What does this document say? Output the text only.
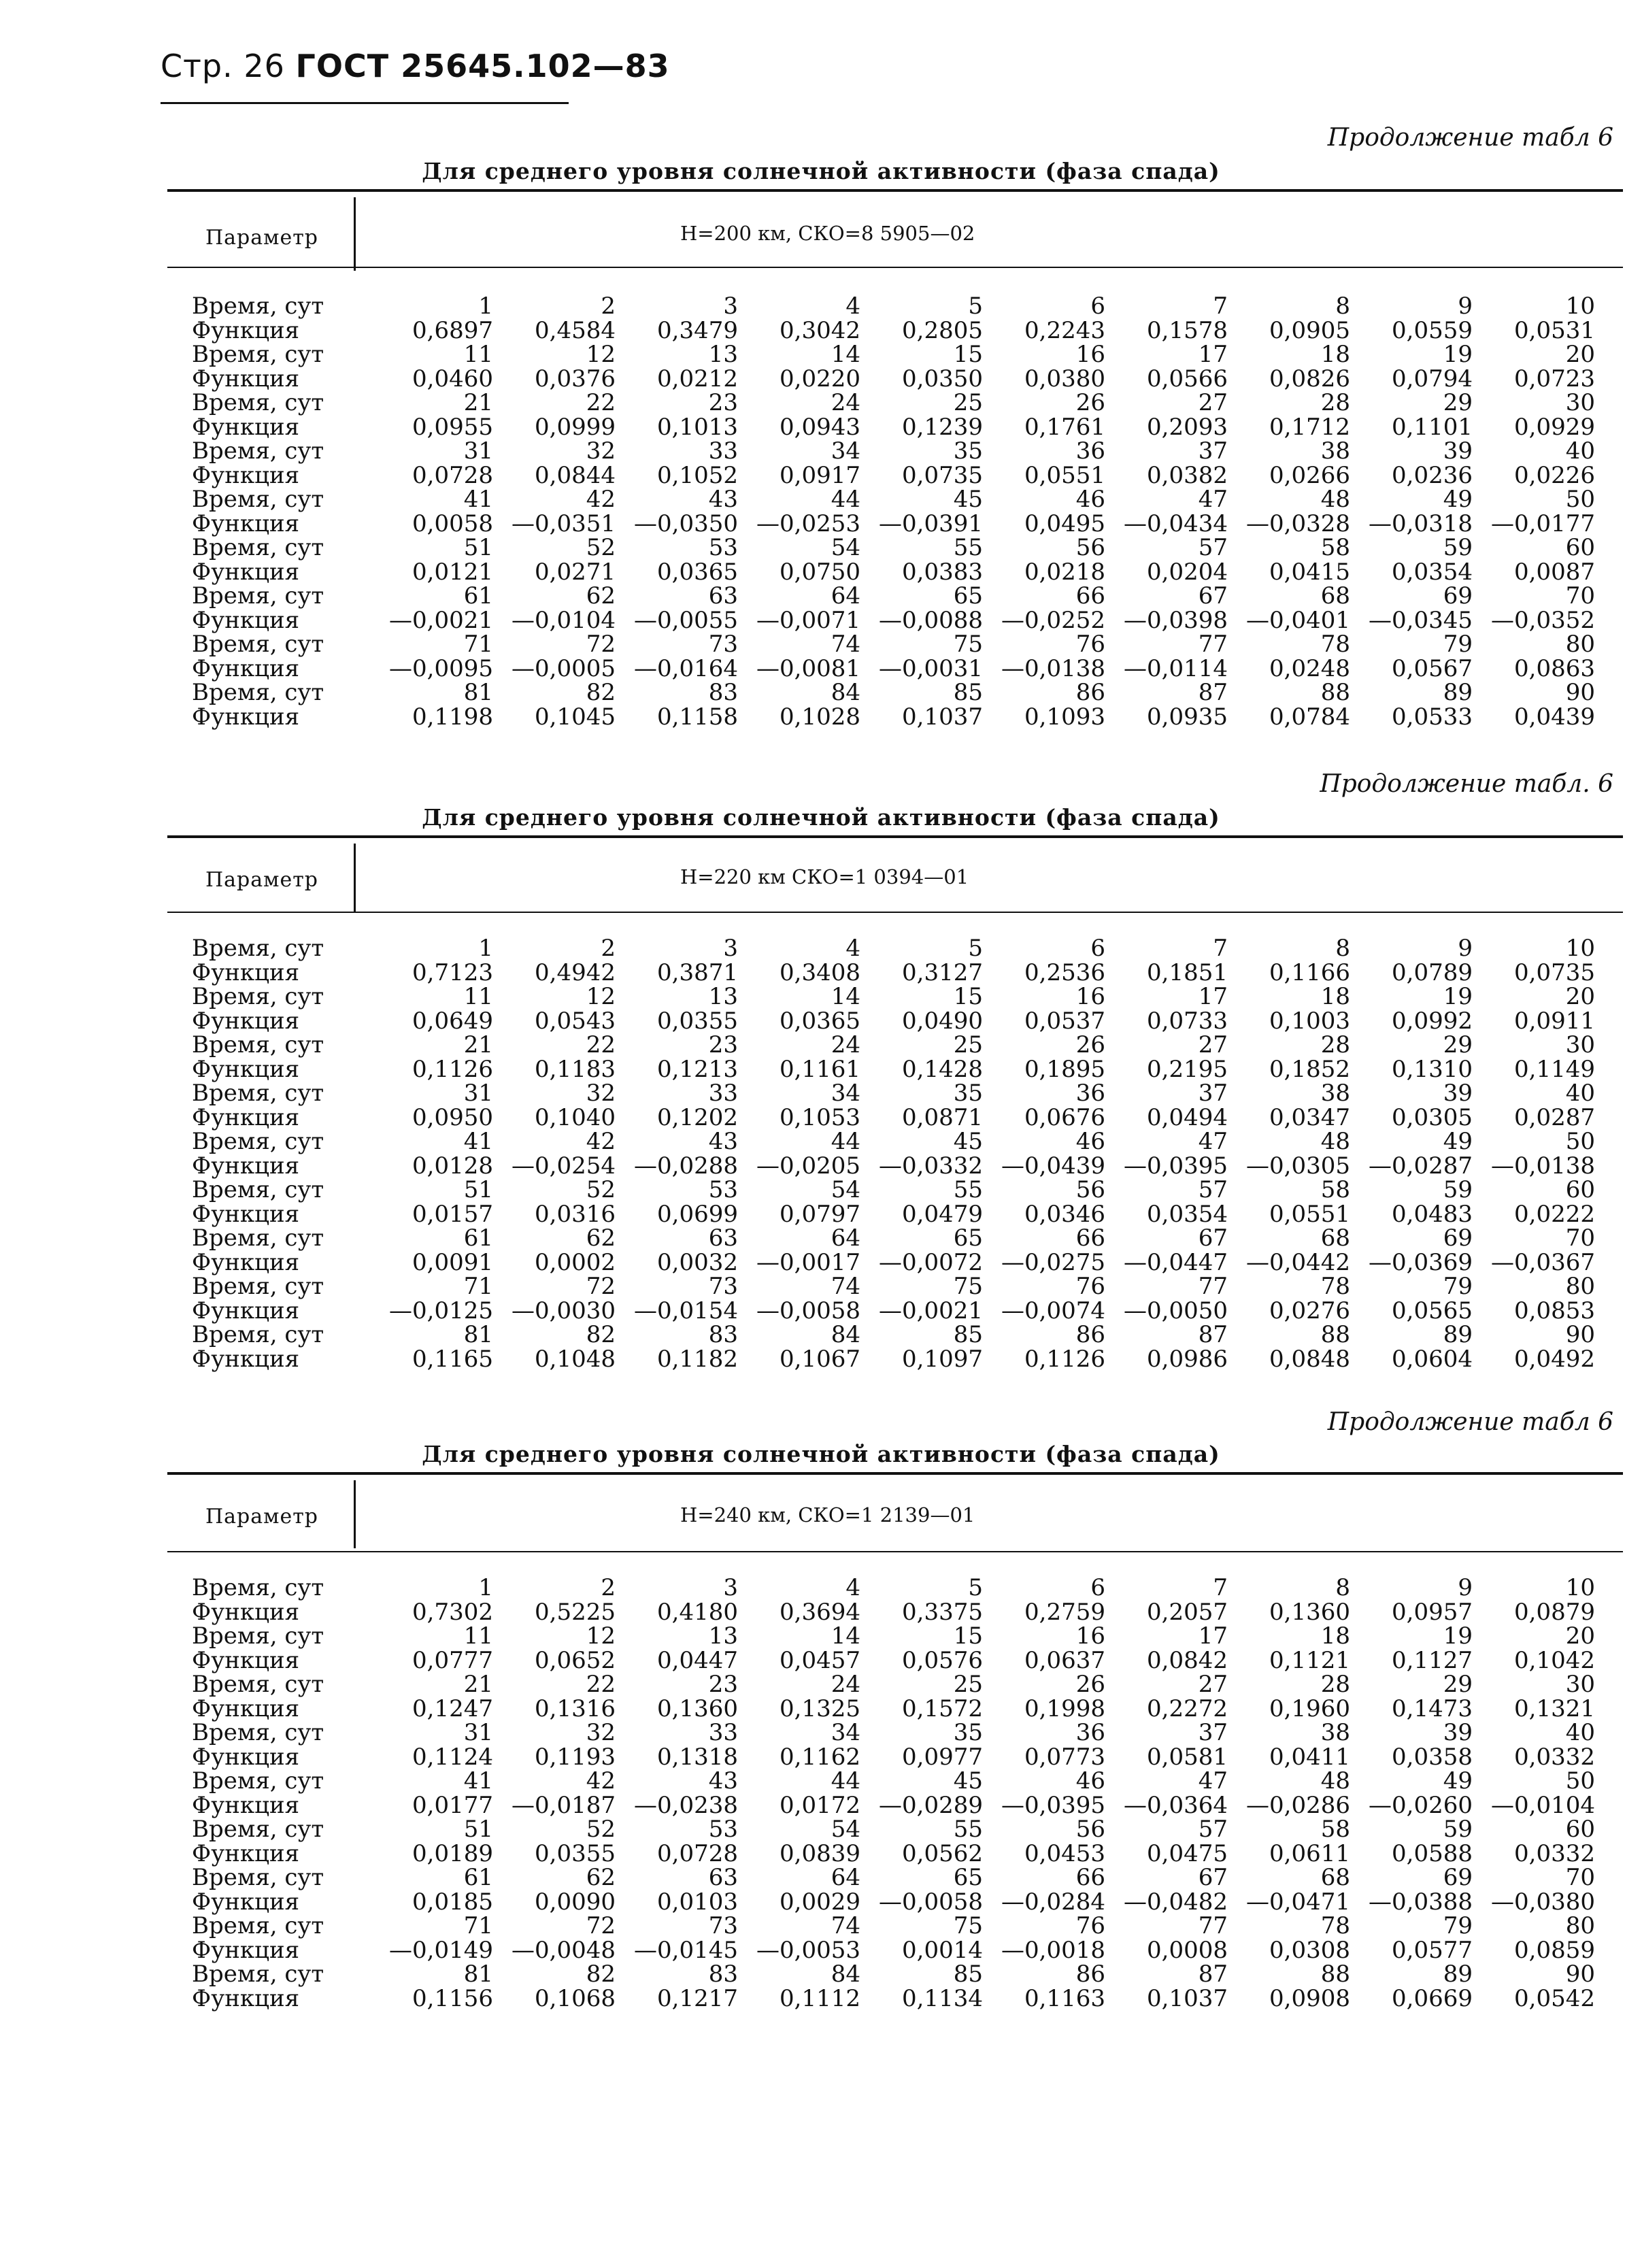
Стр. 26 ГОСТ 25645.102—83
Продолжение табл 6
Для среднего уровня солнечной активности (фаза спада)
Параметр	H=200 км, СКО=8 5905—02
Время, сут	1	2	3	4	5	6	7	8	9	10
Функция	0,6897	0,4584	0,3479	0,3042	0,2805	0,2243	0,1578	0,0905	0,0559	0,0531
Время, сут	11	12	13	14	15	16	17	18	19	20
Функция	0,0460	0,0376	0,0212	0,0220	0,0350	0,0380	0,0566	0,0826	0,0794	0,0723
Время, сут	21	22	23	24	25	26	27	28	29	30
Функция	0,0955	0,0999	0,1013	0,0943	0,1239	0,1761	0,2093	0,1712	0,1101	0,0929
Время, сут	31	32	33	34	35	36	37	38	39	40
Функция	0,0728	0,0844	0,1052	0,0917	0,0735	0,0551	0,0382	0,0266	0,0236	0,0226
Время, сут	41	42	43	44	45	46	47	48	49	50
Функция	0,0058 —0,0351 —0,0350 —0,0253 —0,0391	0,0495 —0,0434 —0,0328 —0,0318 —0,0177
Время, сут	51	52	53	54	55	56	57	58	59	60
Функция	0,0121	0,0271	0,0365	0,0750	0,0383	0,0218	0,0204	0,0415	0,0354	0,0087
Время, сут	61	62	63	64	65	66	67	68	69	70
Функция	—0,0021 —0,0104 —0,0055 —0,0071 —0,0088 —0,0252 —0,0398 —0,0401 —0,0345 —0,0352
Время, сут	71	72	73	74	75	76	77	78	79	80
Функция	—0,0095 —0,0005 —0,0164 —0,0081 —0,0031 —0,0138 —0,0114	0,0248	0,0567	0,0863
Время, сут	81	82	83	84	85	86	87	88	89	90
Функция	0,1198	0,1045	0,1158	0,1028	0,1037	0,1093	0,0935	0,0784	0,0533	0,0439
Продолжение табл. 6
Для среднего уровня солнечной активности (фаза спада)
Параметр	H=220 км СКО=1 0394—01
Время, сут	1	2	3	4	5	6	7	8	9	10
Функция	0,7123	0,4942	0,3871	0,3408	0,3127	0,2536	0,1851	0,1166	0,0789	0,0735
Время, сут	11	12	13	14	15	16	17	18	19	20
Функция	0,0649	0,0543	0,0355	0,0365	0,0490	0,0537	0,0733	0,1003	0,0992	0,0911
Время, сут	21	22	23	24	25	26	27	28	29	30
Функция	0,1126	0,1183	0,1213	0,1161	0,1428	0,1895	0,2195	0,1852	0,1310	0,1149
Время, сут	31	32	33	34	35	36	37	38	39	40
Функция	0,0950	0,1040	0,1202	0,1053	0,0871	0,0676	0,0494	0,0347	0,0305	0,0287
Время, сут	41	42	43	44	45	46	47	48	49	50
Функция	0,0128 —0,0254 —0,0288 —0,0205 —0,0332 —0,0439 —0,0395 —0,0305 —0,0287 —0,0138
Время, сут	51	52	53	54	55	56	57	58	59	60
Функция	0,0157	0,0316	0,0699	0,0797	0,0479	0,0346	0,0354	0,0551	0,0483	0,0222
Время, сут	61	62	63	64	65	66	67	68	69	70
Функция	0,0091	0,0002	0,0032 —0,0017 —0,0072 —0,0275 —0,0447 —0,0442 —0,0369 —0,0367
Время, сут	71	72	73	74	75	76	77	78	79	80
Функция	—0,0125 —0,0030 —0,0154 —0,0058 —0,0021 —0,0074 —0,0050	0,0276	0,0565	0,0853
Время, сут	81	82	83	84	85	86	87	88	89	90
Функция	0,1165	0,1048	0,1182	0,1067	0,1097	0,1126	0,0986	0,0848	0,0604	0,0492
Продолжение табл 6
Для среднего уровня солнечной активности (фаза спада)
Параметр	H=240 км, СКО=1 2139—01
Время, сут	1	2	3	4	5	6	7	8	9	10
Функция	0,7302	0,5225	0,4180	0,3694	0,3375	0,2759	0,2057	0,1360	0,0957	0,0879
Время, сут	11	12	13	14	15	16	17	18	19	20
Функция	0,0777	0,0652	0,0447	0,0457	0,0576	0,0637	0,0842	0,1121	0,1127	0,1042
Время, сут	21	22	23	24	25	26	27	28	29	30
Функция	0,1247	0,1316	0,1360	0,1325	0,1572	0,1998	0,2272	0,1960	0,1473	0,1321
Время, сут	31	32	33	34	35	36	37	38	39	40
Функция	0,1124	0,1193	0,1318	0,1162	0,0977	0,0773	0,0581	0,0411	0,0358	0,0332
Время, сут	41	42	43	44	45	46	47	48	49	50
Функция	0,0177 —0,0187 —0,0238	0,0172 —0,0289 —0,0395 —0,0364 —0,0286 —0,0260 —0,0104
Время, сут	51	52	53	54	55	56	57	58	59	60
Функция	0,0189	0,0355	0,0728	0,0839	0,0562	0,0453	0,0475	0,0611	0,0588	0,0332
Время, сут	61	62	63	64	65	66	67	68	69	70
Функция	0,0185	0,0090	0,0103	0,0029 —0,0058 —0,0284 —0,0482 —0,0471 —0,0388 —0,0380
Время, сут	71	72	73	74	75	76	77	78	79	80
Функция	—0,0149 —0,0048 —0,0145 —0,0053	0,0014 —0,0018	0,0008	0,0308	0,0577	0,0859
Время, сут	81	82	83	84	85	86	87	88	89	90
Функция	0,1156	0,1068	0,1217	0,1112	0,1134	0,1163	0,1037	0,0908	0,0669	0,0542
